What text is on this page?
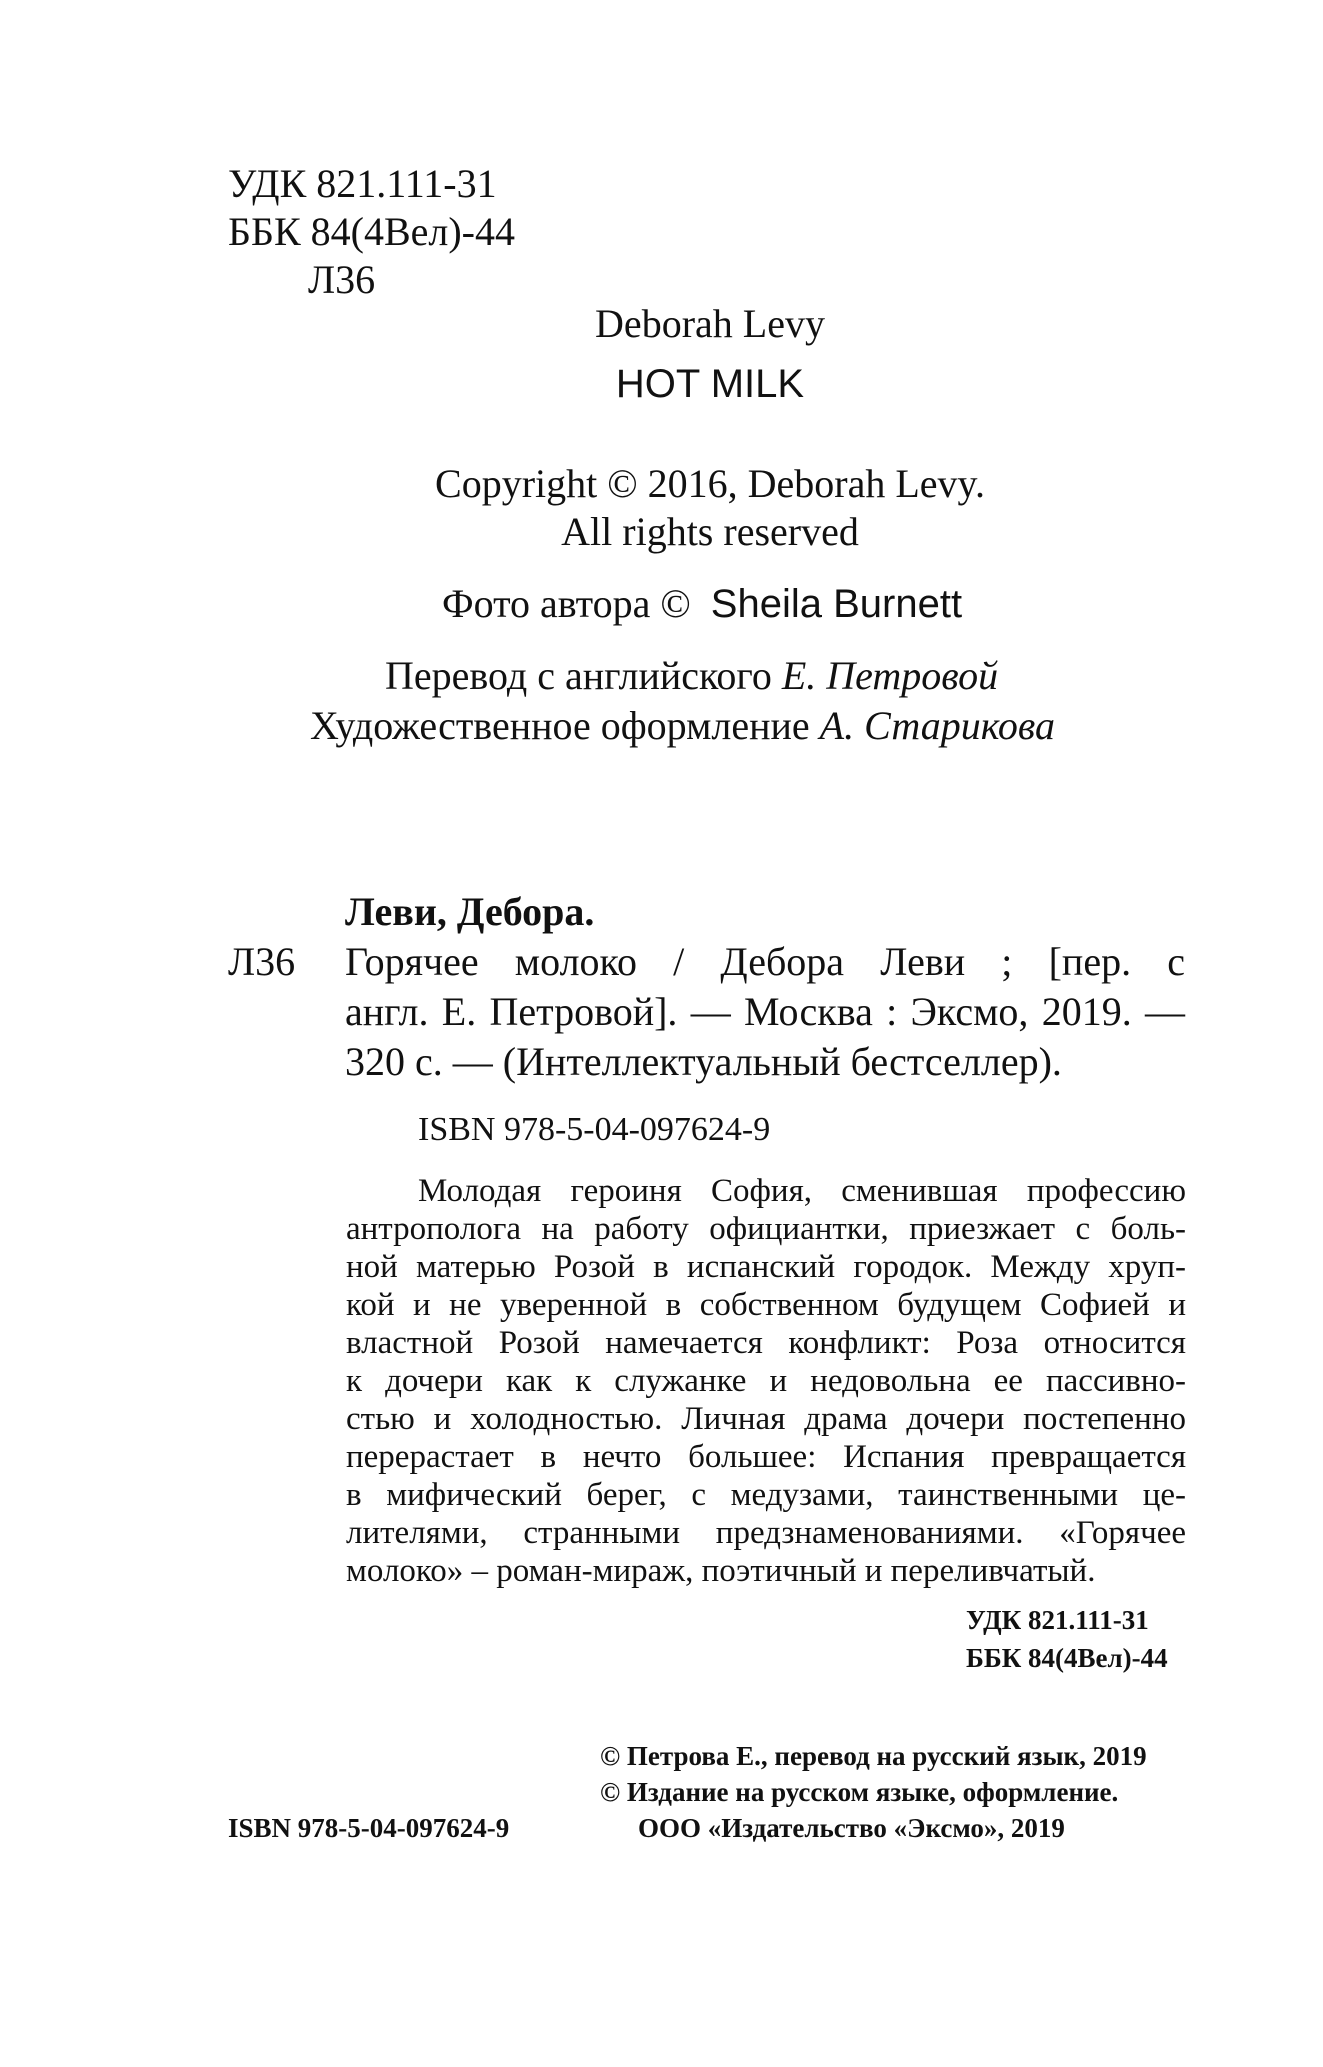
УДК 821.111-31
ББК 84(4Вел)-44
Л36
Deborah Levy
HOT MILK
Copyright © 2016, Deborah Levy.
All rights reserved
Фото автора © Sheila Burnett
Перевод с английского Е. Петровой
Художественное оформление А. Старикова
Леви, Дебора.
Л36 Горячее молоко / Дебора Леви ; [пер. с
англ. Е. Петровой]. — Москва : Эксмо, 2019. —
320 с. — (Интеллектуальный бестселлер).
ISBN 978-5-04-097624-9
Молодая героиня София, сменившая профессию
антрополога на работу официантки, приезжает с боль-
ной матерью Розой в испанский городок. Между хруп-
кой и не уверенной в собственном будущем Софией и
властной Розой намечается конфликт: Роза относится
к дочери как к служанке и недовольна ее пассивно-
стью и холодностью. Личная драма дочери постепенно
перерастает в нечто большее: Испания превращается
в мифический берег, с медузами, таинственными це-
лителями, странными предзнаменованиями. «Горячее
молоко» – роман-мираж, поэтичный и переливчатый.
УДК 821.111-31
ББК 84(4Вел)-44
© Петрова Е., перевод на русский язык, 2019
© Издание на русском языке, оформление.
ООО «Издательство «Эксмо», 2019
ISBN 978-5-04-097624-9
